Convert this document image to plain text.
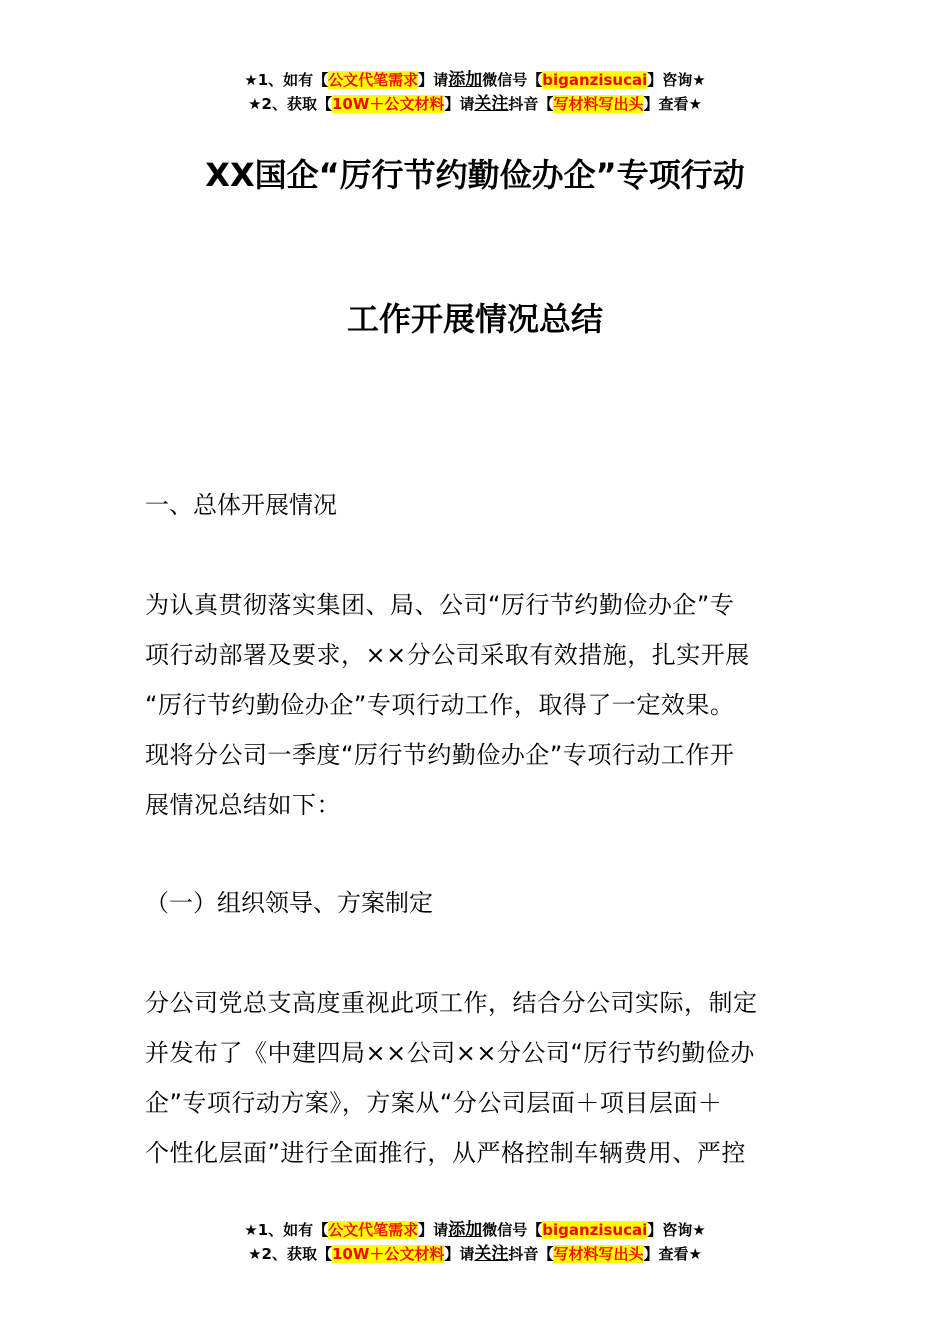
★1、如有【公文代笔需求】请添加微信号【biganzisucai】咨询★
★2、获取【10W＋公文材料】请关注抖音【写材料写出头】查看★
XX国企“厉行节约勤俭办企”专项行动
工作开展情况总结
一、总体开展情况
为认真贯彻落实集团、局、公司“厉行节约勤俭办企”专
项行动部署及要求，××分公司采取有效措施，扎实开展
“厉行节约勤俭办企”专项行动工作，取得了一定效果。
现将分公司一季度“厉行节约勤俭办企”专项行动工作开
展情况总结如下：
（一）组织领导、方案制定
分公司党总支高度重视此项工作，结合分公司实际，制定
并发布了《中建四局××公司××分公司“厉行节约勤俭办
企”专项行动方案》，方案从“分公司层面＋项目层面＋
个性化层面”进行全面推行，从严格控制车辆费用、严控
★1、如有【公文代笔需求】请添加微信号【biganzisucai】咨询★
★2、获取【10W＋公文材料】请关注抖音【写材料写出头】查看★
